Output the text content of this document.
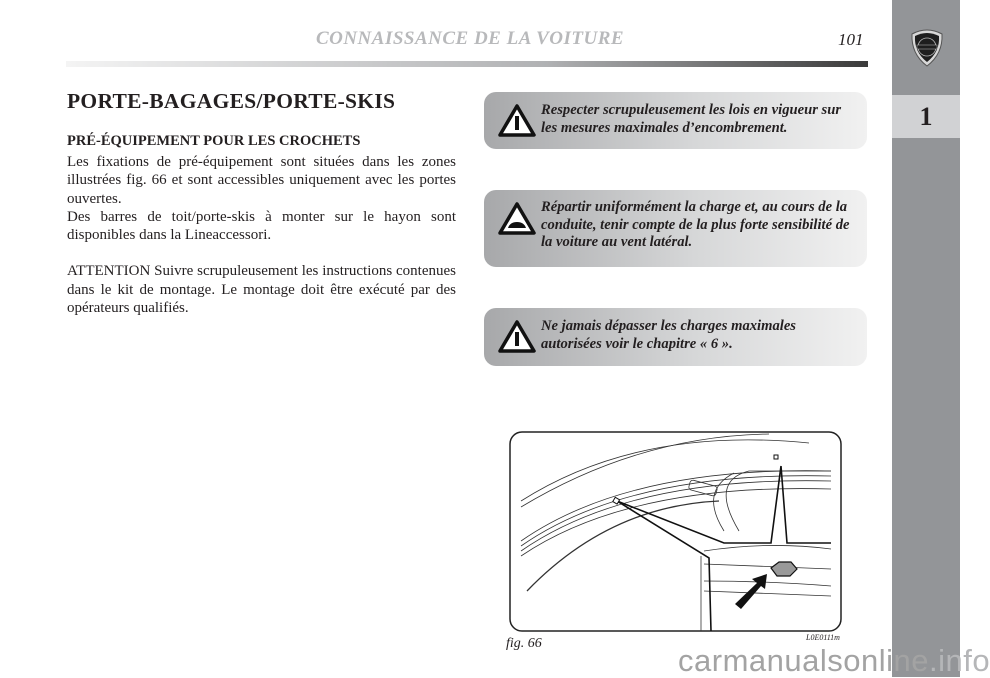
CONNAISSANCE DE LA VOITURE	101
1
PORTE-BAGAGES/PORTE-SKIS
PRÉ-ÉQUIPEMENT POUR LES CROCHETS

Les fixations de pré-équipement sont situées dans les zones illustrées fig. 66 et sont accessibles uniquement avec les portes ouvertes.

Des barres de toit/porte-skis à monter sur le hayon sont disponibles dans la Lineaccessori.

ATTENTION Suivre scrupuleusement les instructions contenues dans le kit de montage. Le montage doit être exécuté par des opérateurs qualifiés.

Respecter scrupuleusement les lois en vigueur sur les mesures maximales d’encombrement.
Répartir uniformément la charge et, au cours de la conduite, tenir compte de la plus forte sensibilité de la voiture au vent latéral.
Ne jamais dépasser les charges maximales autorisées voir le chapitre « 6 ».
fig. 66	L0E0111m
carmanualsonline.info
